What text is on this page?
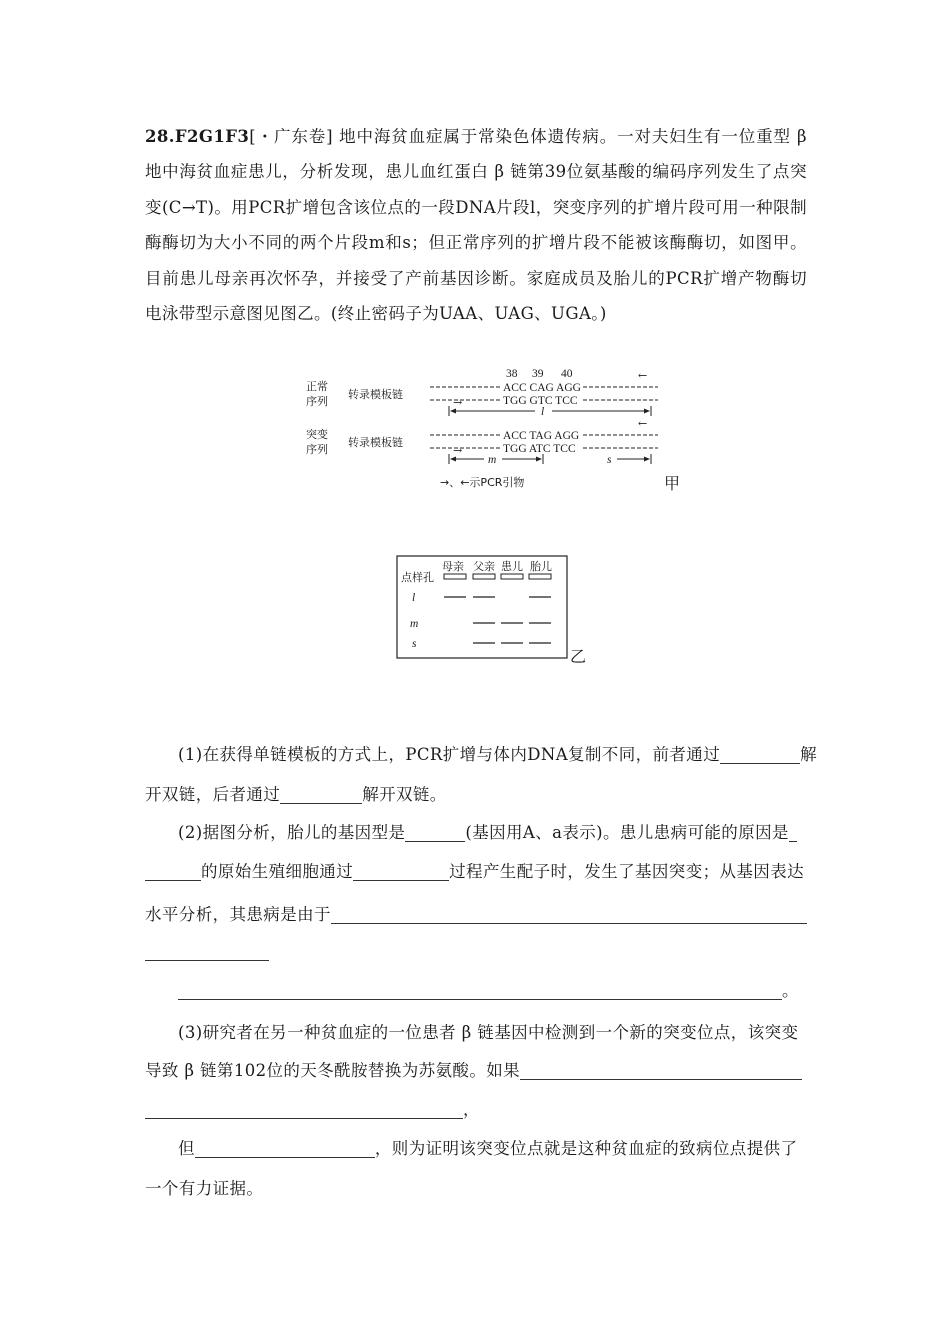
28.F2G1F3[・广东卷] 地中海贫血症属于常染色体遗传病。一对夫妇生有一位重型 β 地中海贫血症患儿，分析发现，患儿血红蛋白 β 链第39位氨基酸的编码序列发生了点突变(C→T)。用PCR扩增包含该位点的一段DNA片段l，突变序列的扩增片段可用一种限制酶酶切为大小不同的两个片段m和s；但正常序列的扩增片段不能被该酶酶切，如图甲。目前患儿母亲再次怀孕，并接受了产前基因诊断。家庭成员及胎儿的PCR扩增产物酶切电泳带型示意图见图乙。(终止密码子为UAA、UAG、UGA。)
38 39 40
正常
序列
转录模板链	ACC CAG AGG
←
TGG GTC TCC
→
l
突变
序列
转录模板链	ACC TAG AGG
←
TGG ATC TCC
→
m	s
→、←示PCR引物	甲
母亲 父亲 患儿 胎儿
点样孔
l
m
s
乙
(1)在获得单链模板的方式上，PCR扩增与体内DNA复制不同，前者通过	解
开双链，后者通过	解开双链。
(2)据图分析，胎儿的基因型是	(基因用A、a表示)。患儿患病可能的原因是
的原始生殖细胞通过	过程产生配子时，发生了基因突变；从基因表达
水平分析，其患病是由于
。
(3)研究者在另一种贫血症的一位患者 β 链基因中检测到一个新的突变位点，该突变
导致 β 链第102位的天冬酰胺替换为苏氨酸。如果
，
但	，则为证明该突变位点就是这种贫血症的致病位点提供了
一个有力证据。
